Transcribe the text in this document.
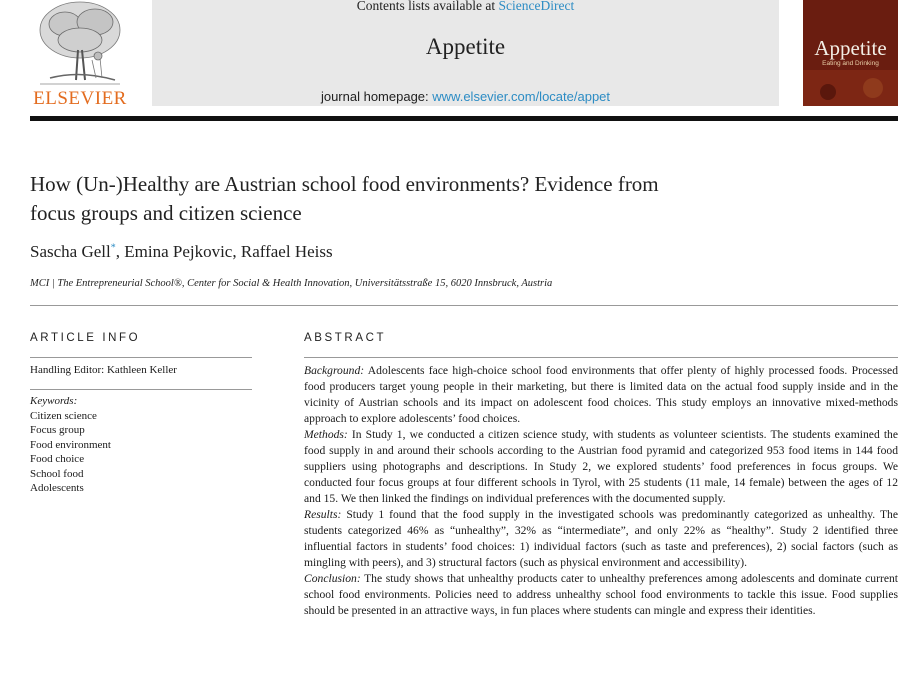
ELSEVIER
Contents lists available at ScienceDirect
Appetite
journal homepage: www.elsevier.com/locate/appet
Appetite
Eating and Drinking
How (Un-)Healthy are Austrian school food environments? Evidence from
focus groups and citizen science
Sascha Gell*, Emina Pejkovic, Raffael Heiss
MCI | The Entrepreneurial School®, Center for Social & Health Innovation, Universitätsstraße 15, 6020 Innsbruck, Austria
ARTICLE INFO
Handling Editor: Kathleen Keller
Keywords:
Citizen science
Focus group
Food environment
Food choice
School food
Adolescents
ABSTRACT

Background: Adolescents face high-choice school food environments that offer plenty of highly processed foods. Processed food producers target young people in their marketing, but there is limited data on the actual food supply inside and in the vicinity of Austrian schools and its impact on adolescent food choices. This study employs an innovative mixed-methods approach to explore adolescents’ food choices.

Methods: In Study 1, we conducted a citizen science study, with students as volunteer scientists. The students examined the food supply in and around their schools according to the Austrian food pyramid and categorized 953 food items in 144 food suppliers using photographs and descriptions. In Study 2, we explored students’ food preferences in focus groups. We conducted four focus groups at four different schools in Tyrol, with 25 students (11 male, 14 female) between the ages of 12 and 15. We then linked the findings on individual preferences with the documented supply.

Results: Study 1 found that the food supply in the investigated schools was predominantly categorized as unhealthy. The students categorized 46% as “unhealthy”, 32% as “intermediate”, and only 22% as “healthy”. Study 2 identified three influential factors in students’ food choices: 1) individual factors (such as taste and preferences), 2) social factors (such as mingling with peers), and 3) structural factors (such as physical environment and accessibility).

Conclusion: The study shows that unhealthy products cater to unhealthy preferences among adolescents and dominate current school food environments. Policies need to address unhealthy school food environments to tackle this issue. Food supplies should be presented in an attractive ways, in fun places where students can mingle and express their identities.
